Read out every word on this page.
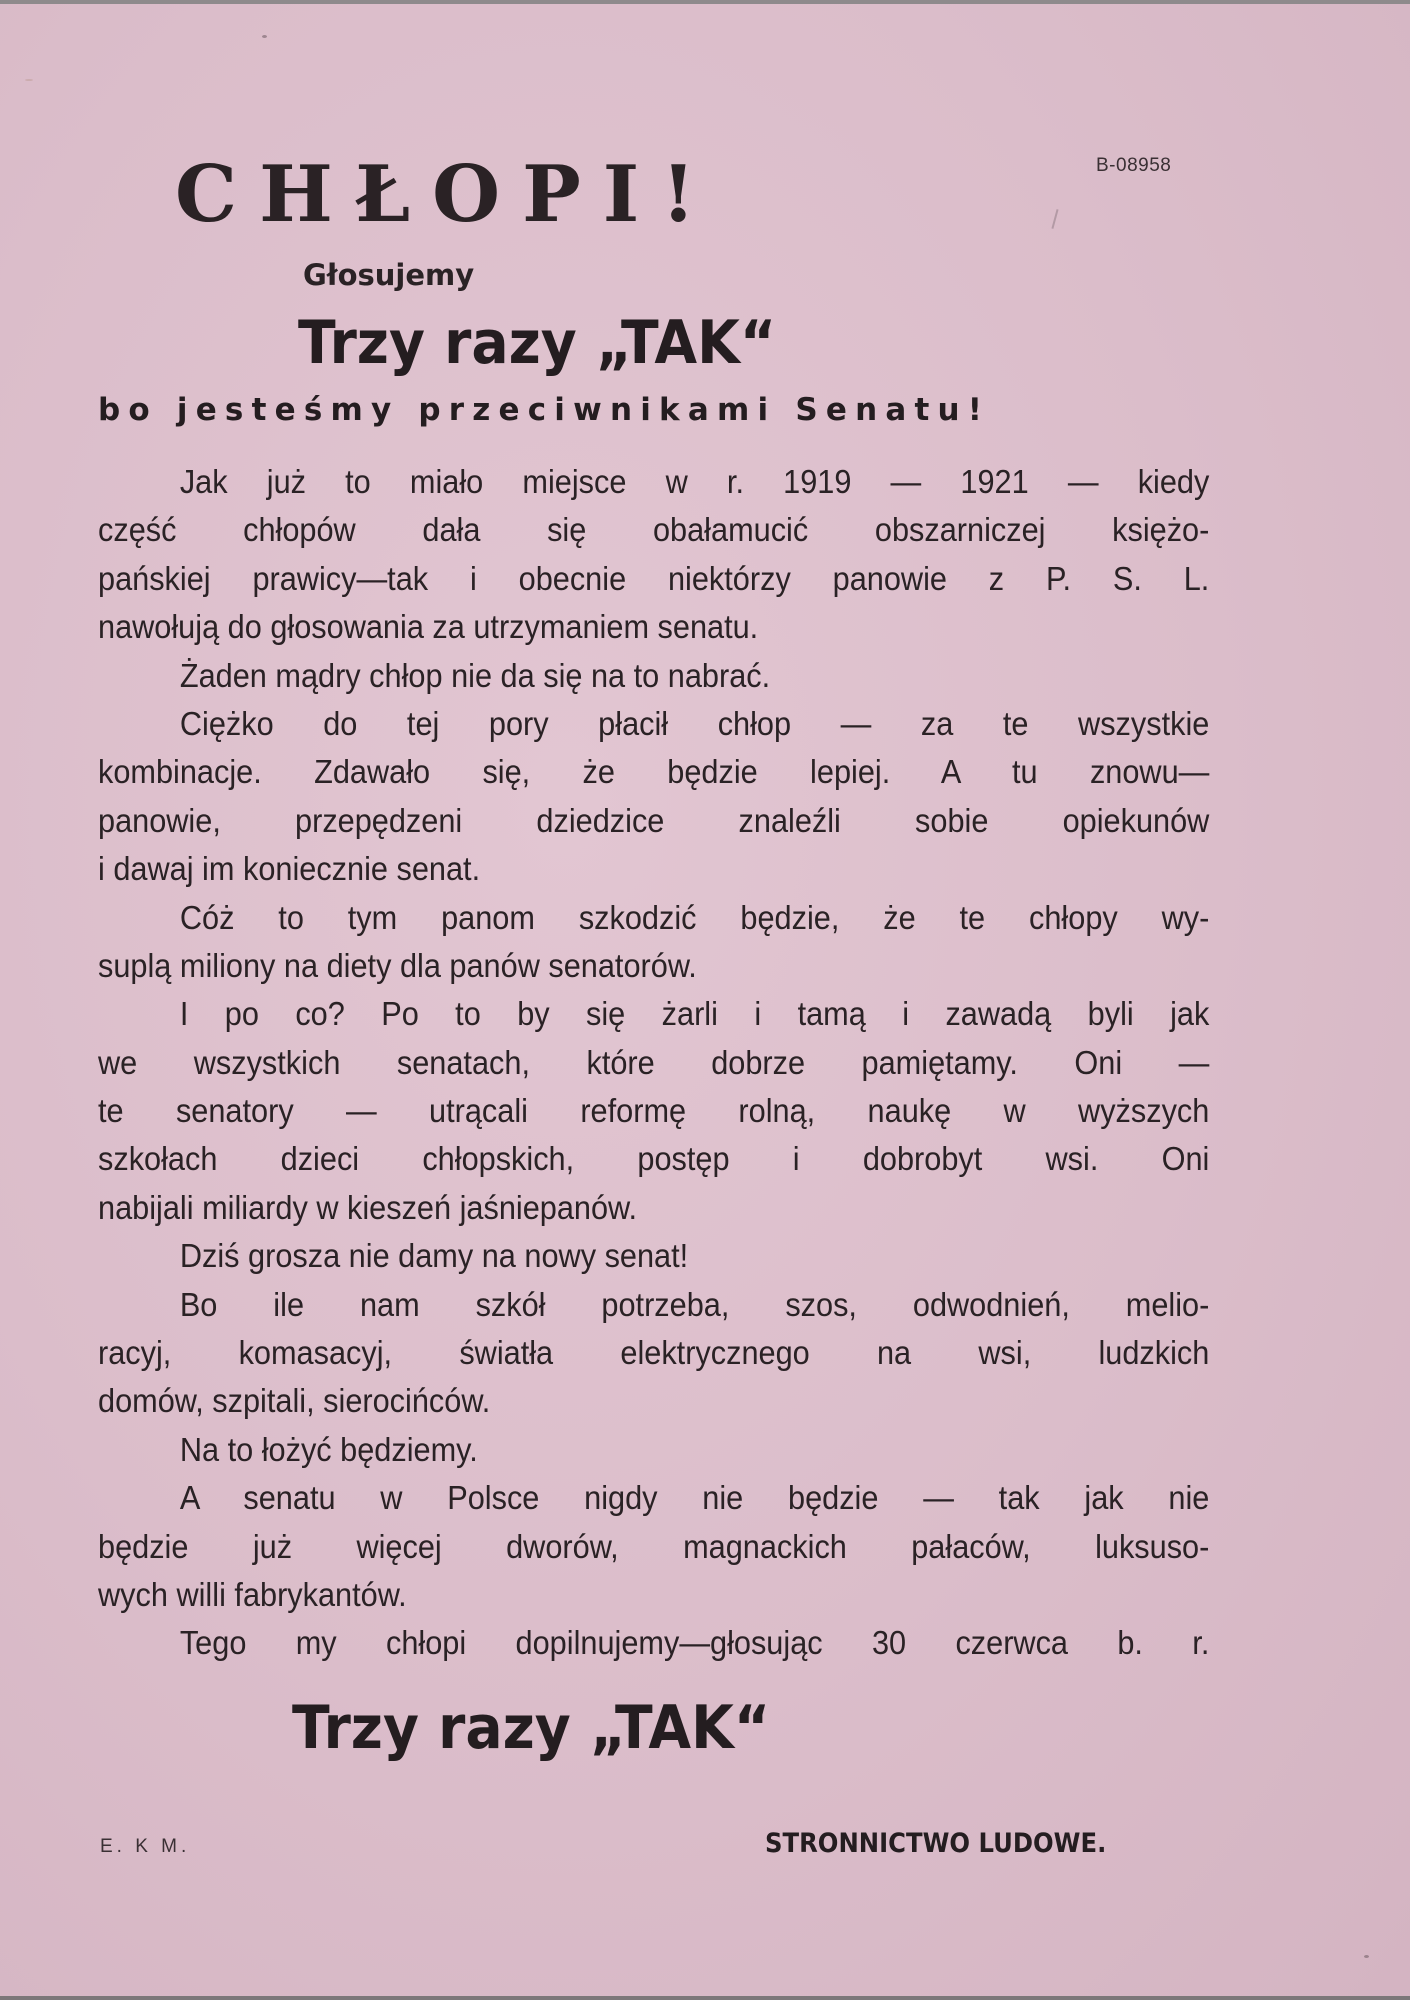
CHŁOPI!	B-08958
Głosujemy
Trzy razy „TAK“
bo jesteśmy przeciwnikami Senatu!
Jak już to miało miejsce w r. 1919 — 1921 — kiedy
część chłopów dała się obałamucić obszarniczej księżo-
pańskiej prawicy—tak i obecnie niektórzy panowie z P. S. L.
nawołują do głosowania za utrzymaniem senatu.
Żaden mądry chłop nie da się na to nabrać.
Ciężko do tej pory płacił chłop — za te wszystkie
kombinacje. Zdawało się, że będzie lepiej. A tu znowu—
panowie, przepędzeni dziedzice znaleźli sobie opiekunów
i dawaj im koniecznie senat.
Cóż to tym panom szkodzić będzie, że te chłopy wy-
suplą miliony na diety dla panów senatorów.
I po co? Po to by się żarli i tamą i zawadą byli jak
we wszystkich senatach, które dobrze pamiętamy. Oni —
te senatory — utrącali reformę rolną, naukę w wyższych
szkołach dzieci chłopskich, postęp i dobrobyt wsi. Oni
nabijali miliardy w kieszeń jaśniepanów.
Dziś grosza nie damy na nowy senat!
Bo ile nam szkół potrzeba, szos, odwodnień, melio-
racyj, komasacyj, światła elektrycznego na wsi, ludzkich
domów, szpitali, sierocińców.
Na to łożyć będziemy.
A senatu w Polsce nigdy nie będzie — tak jak nie
będzie już więcej dworów, magnackich pałaców, luksuso-
wych willi fabrykantów.
Tego my chłopi dopilnujemy—głosując 30 czerwca b. r.
Trzy razy „TAK“
E. K M.	STRONNICTWO LUDOWE.
